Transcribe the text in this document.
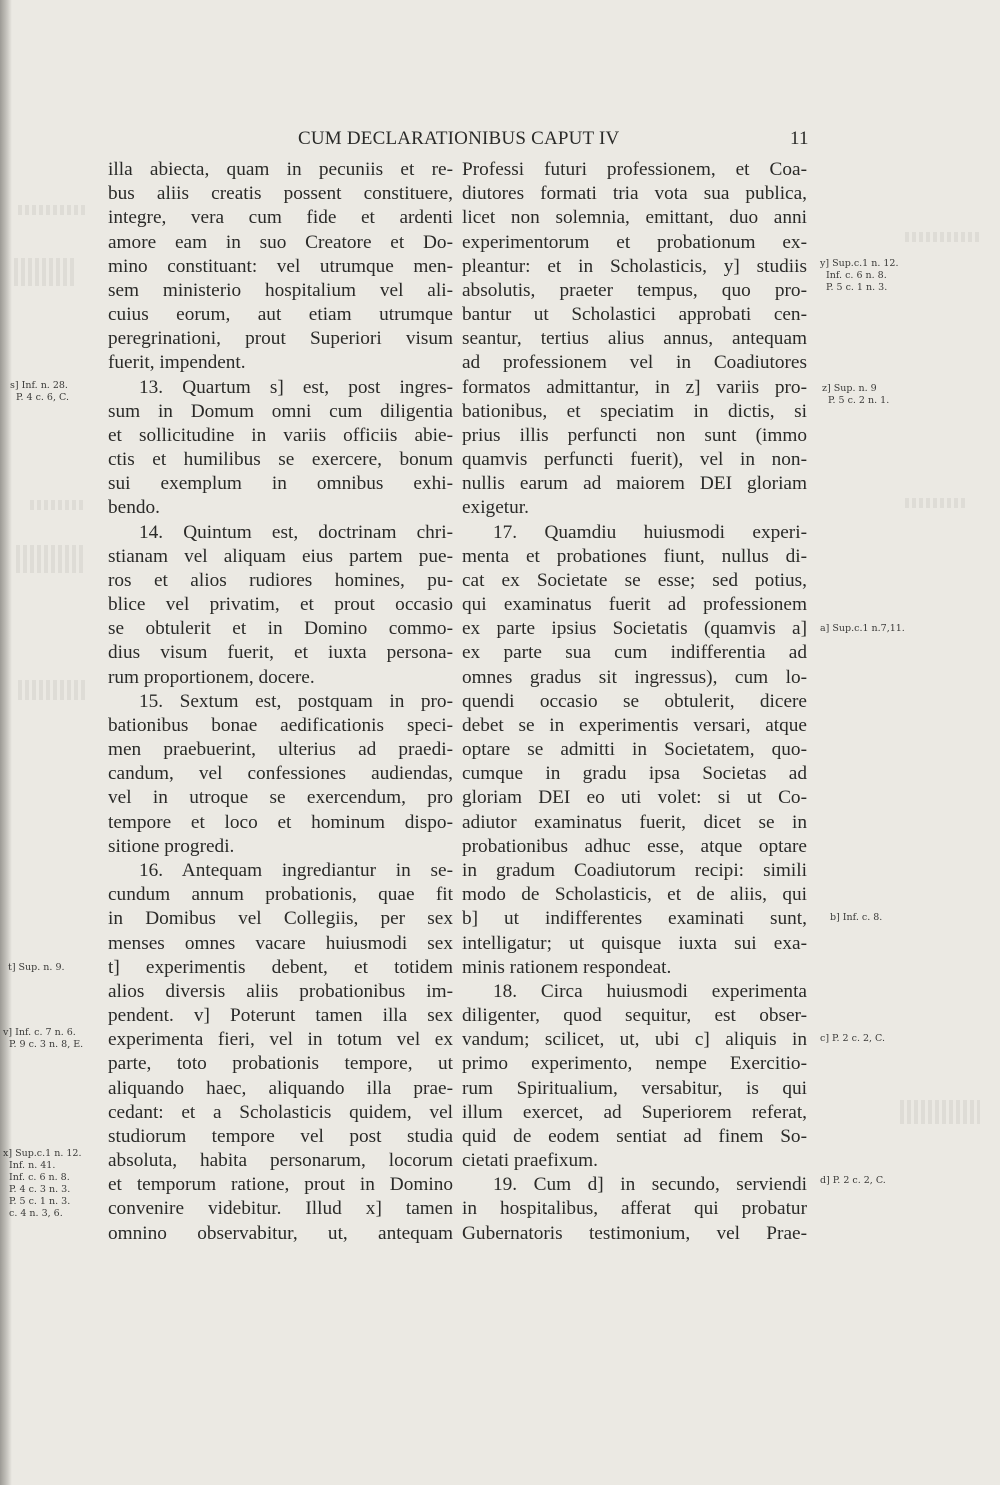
CUM DECLARATIONIBUS CAPUT IV	11
illa abiecta, quam in pecuniis et re-
bus aliis creatis possent constituere,
integre, vera cum fide et ardenti
amore eam in suo Creatore et Do-
mino constituant: vel utrumque men-
sem ministerio hospitalium vel ali-
cuius eorum, aut etiam utrumque
peregrinationi, prout Superiori visum
fuerit, impendent.
13. Quartum s] est, post ingres-
sum in Domum omni cum diligentia
et sollicitudine in variis officiis abie-
ctis et humilibus se exercere, bonum
sui exemplum in omnibus exhi-
bendo.
14. Quintum est, doctrinam chri-
stianam vel aliquam eius partem pue-
ros et alios rudiores homines, pu-
blice vel privatim, et prout occasio
se obtulerit et in Domino commo-
dius visum fuerit, et iuxta persona-
rum proportionem, docere.
15. Sextum est, postquam in pro-
bationibus bonae aedificationis speci-
men praebuerint, ulterius ad praedi-
candum, vel confessiones audiendas,
vel in utroque se exercendum, pro
tempore et loco et hominum dispo-
sitione progredi.
16. Antequam ingrediantur in se-
cundum annum probationis, quae fit
in Domibus vel Collegiis, per sex
menses omnes vacare huiusmodi sex
t] experimentis debent, et totidem
alios diversis aliis probationibus im-
pendent. v] Poterunt tamen illa sex
experimenta fieri, vel in totum vel ex
parte, toto probationis tempore, ut
aliquando haec, aliquando illa prae-
cedant: et a Scholasticis quidem, vel
studiorum tempore vel post studia
absoluta, habita personarum, locorum
et temporum ratione, prout in Domino
convenire videbitur. Illud x] tamen
omnino observabitur, ut, antequam
Professi futuri professionem, et Coa-
diutores formati tria vota sua publica,
licet non solemnia, emittant, duo anni
experimentorum et probationum ex-
pleantur: et in Scholasticis, y] studiis
absolutis, praeter tempus, quo pro-
bantur ut Scholastici approbati cen-
seantur, tertius alius annus, antequam
ad professionem vel in Coadiutores
formatos admittantur, in z] variis pro-
bationibus, et speciatim in dictis, si
prius illis perfuncti non sunt (immo
quamvis perfuncti fuerit), vel in non-
nullis earum ad maiorem DEI gloriam
exigetur.
17. Quamdiu huiusmodi experi-
menta et probationes fiunt, nullus di-
cat ex Societate se esse; sed potius,
qui examinatus fuerit ad professionem
ex parte ipsius Societatis (quamvis a]
ex parte sua cum indifferentia ad
omnes gradus sit ingressus), cum lo-
quendi occasio se obtulerit, dicere
debet se in experimentis versari, atque
optare se admitti in Societatem, quo-
cumque in gradu ipsa Societas ad
gloriam DEI eo uti volet: si ut Co-
adiutor examinatus fuerit, dicet se in
probationibus adhuc esse, atque optare
in gradum Coadiutorum recipi: simili
modo de Scholasticis, et de aliis, qui
b] ut indifferentes examinati sunt,
intelligatur; ut quisque iuxta sui exa-
minis rationem respondeat.
18. Circa huiusmodi experimenta
diligenter, quod sequitur, est obser-
vandum; scilicet, ut, ubi c] aliquis in
primo experimento, nempe Exercitio-
rum Spiritualium, versabitur, is qui
illum exercet, ad Superiorem referat,
quid de eodem sentiat ad finem So-
cietati praefixum.
19. Cum d] in secundo, serviendi
in hospitalibus, afferat qui probatur
Gubernatoris testimonium, vel Prae-
s] Inf. n. 28.
P. 4 c. 6, C.
t] Sup. n. 9.
v] Inf. c. 7 n. 6.
P. 9 c. 3 n. 8, E.
x] Sup.c.1 n. 12.
Inf. n. 41.
Inf. c. 6 n. 8.
P. 4 c. 3 n. 3.
P. 5 c. 1 n. 3.
c. 4 n. 3, 6.
y] Sup.c.1 n. 12.
Inf. c. 6 n. 8.
P. 5 c. 1 n. 3.
z] Sup. n. 9
P. 5 c. 2 n. 1.
a] Sup.c.1 n.7,11.
b] Inf. c. 8.
c] P. 2 c. 2, C.
d] P. 2 c. 2, C.
